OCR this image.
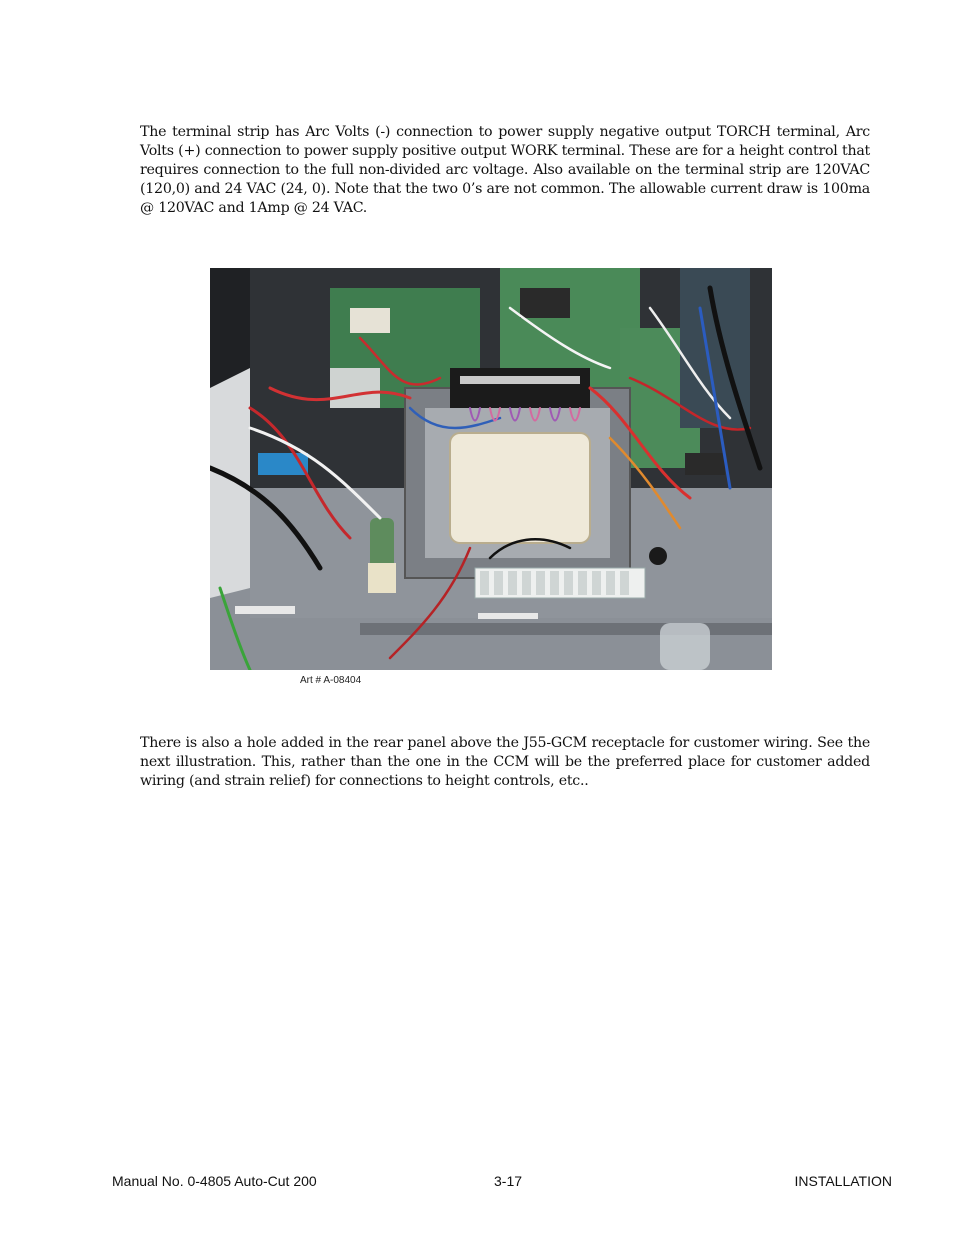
The terminal strip has Arc Volts (-) connection to power supply negative output TORCH terminal, Arc Volts (+) connection to power supply positive output WORK terminal. These are for a height control that requires connection to the full non-divided arc voltage. Also available on the terminal strip are 120VAC (120,0) and 24 VAC (24, 0). Note that the two 0’s are not common. The allowable current draw is 100ma @ 120VAC and 1Amp @ 24 VAC.

Art # A-08404

There is also a hole added in the rear panel above the J55-GCM receptacle for customer wiring. See the next illustration. This, rather than the one in the CCM will be the preferred place for customer added wiring (and strain relief) for connections to height controls, etc..

Manual No. 0-4805 Auto-Cut 200	3-17	INSTALLATION
